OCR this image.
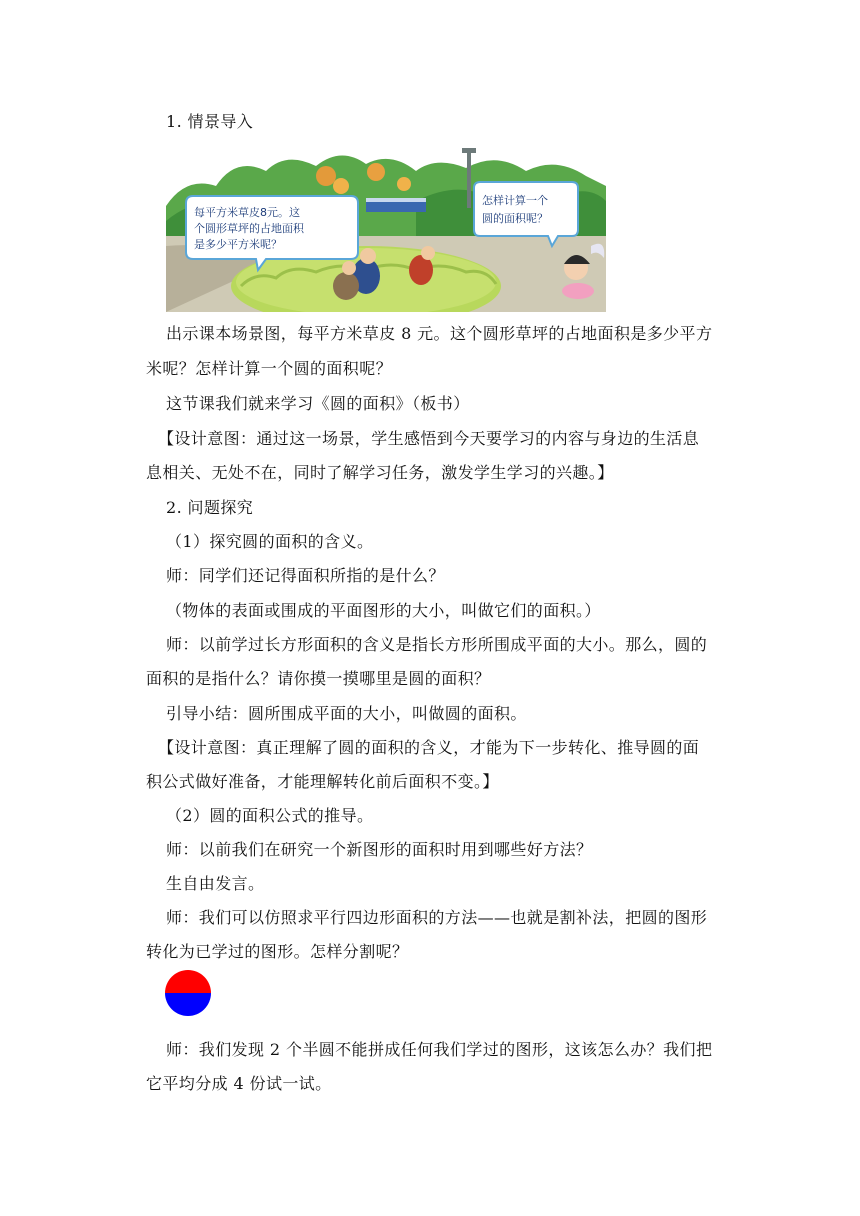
1. 情景导入
每平方米草皮8元。这
个圆形草坪的占地面积
是多少平方米呢？
怎样计算一个
圆的面积呢？
出示课本场景图，每平方米草皮 8 元。这个圆形草坪的占地面积是多少平方
米呢？怎样计算一个圆的面积呢？
这节课我们就来学习《圆的面积》（板书）
【设计意图：通过这一场景，学生感悟到今天要学习的内容与身边的生活息
息相关、无处不在，同时了解学习任务，激发学生学习的兴趣。】
2. 问题探究
（1）探究圆的面积的含义。
师：同学们还记得面积所指的是什么？
（物体的表面或围成的平面图形的大小，叫做它们的面积。）
师：以前学过长方形面积的含义是指长方形所围成平面的大小。那么，圆的
面积的是指什么？请你摸一摸哪里是圆的面积？
引导小结：圆所围成平面的大小，叫做圆的面积。
【设计意图：真正理解了圆的面积的含义，才能为下一步转化、推导圆的面
积公式做好准备，才能理解转化前后面积不变。】
（2）圆的面积公式的推导。
师：以前我们在研究一个新图形的面积时用到哪些好方法？
生自由发言。
师：我们可以仿照求平行四边形面积的方法——也就是割补法，把圆的图形
转化为已学过的图形。怎样分割呢？
师：我们发现 2 个半圆不能拼成任何我们学过的图形，这该怎么办？我们把
它平均分成 4 份试一试。
